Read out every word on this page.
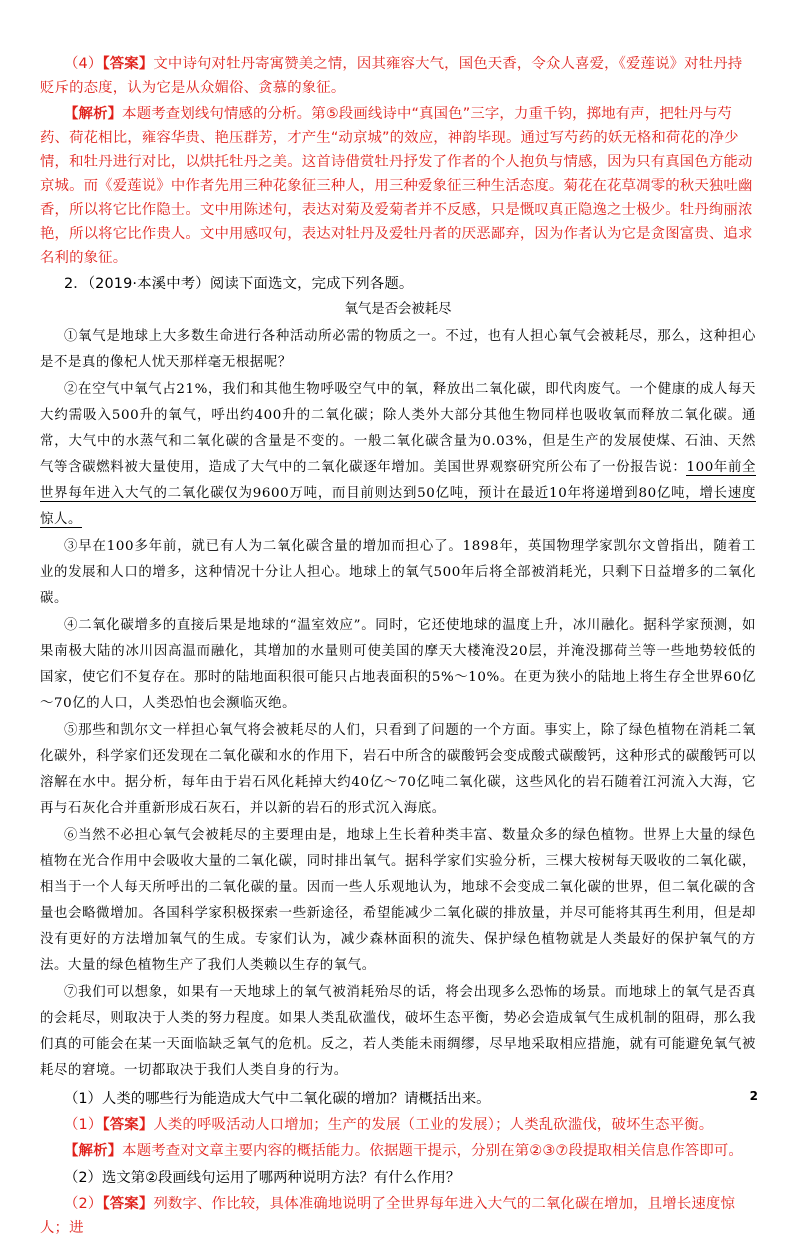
（4）【答案】文中诗句对牡丹寄寓赞美之情，因其雍容大气，国色天香，令众人喜爱，《爱莲说》对牡丹持贬斥的态度，认为它是从众媚俗、贪慕的象征。

【解析】本题考查划线句情感的分析。第⑤段画线诗中“真国色”三字，力重千钧，掷地有声，把牡丹与芍药、荷花相比，雍容华贵、艳压群芳，才产生“动京城”的效应，神韵毕现。通过写芍药的妖无格和荷花的净少情，和牡丹进行对比，以烘托牡丹之美。这首诗借赏牡丹抒发了作者的个人抱负与情感，因为只有真国色方能动京城。而《爱莲说》中作者先用三种花象征三种人，用三种爱象征三种生活态度。菊花在花草凋零的秋天独吐幽香，所以将它比作隐士。文中用陈述句，表达对菊及爱菊者并不反感，只是慨叹真正隐逸之士极少。牡丹绚丽浓艳，所以将它比作贵人。文中用感叹句，表达对牡丹及爱牡丹者的厌恶鄙弃，因为作者认为它是贪图富贵、追求名利的象征。

2．（2019·本溪中考）阅读下面选文，完成下列各题。

氧气是否会被耗尽

①氧气是地球上大多数生命进行各种活动所必需的物质之一。不过，也有人担心氧气会被耗尽，那么，这种担心是不是真的像杞人忧天那样毫无根据呢？

②在空气中氧气占21%，我们和其他生物呼吸空气中的氧，释放出二氧化碳，即代肉废气。一个健康的成人每天大约需吸入500升的氧气，呼出约400升的二氧化碳；除人类外大部分其他生物同样也吸收氧而释放二氧化碳。通常，大气中的水蒸气和二氧化碳的含量是不变的。一般二氧化碳含量为0.03%，但是生产的发展使煤、石油、天然气等含碳燃料被大量使用，造成了大气中的二氧化碳逐年增加。美国世界观察研究所公布了一份报告说：100年前全世界每年进入大气的二氧化碳仅为9600万吨，而目前则达到50亿吨，预计在最近10年将递增到80亿吨，增长速度惊人。

③早在100多年前，就已有人为二氧化碳含量的增加而担心了。1898年，英国物理学家凯尔文曾指出，随着工业的发展和人口的增多，这种情况十分让人担心。地球上的氧气500年后将全部被消耗光，只剩下日益增多的二氧化碳。

④二氧化碳增多的直接后果是地球的“温室效应”。同时，它还使地球的温度上升，冰川融化。据科学家预测，如果南极大陆的冰川因高温而融化，其增加的水量则可使美国的摩天大楼淹没20层，并淹没挪荷兰等一些地势较低的国家，使它们不复存在。那时的陆地面积很可能只占地表面积的5%～10%。在更为狭小的陆地上将生存全世界60亿～70亿的人口，人类恐怕也会濒临灭绝。

⑤那些和凯尔文一样担心氧气将会被耗尽的人们，只看到了问题的一个方面。事实上，除了绿色植物在消耗二氧化碳外，科学家们还发现在二氧化碳和水的作用下，岩石中所含的碳酸钙会变成酸式碳酸钙，这种形式的碳酸钙可以溶解在水中。据分析，每年由于岩石风化耗掉大约40亿～70亿吨二氧化碳，这些风化的岩石随着江河流入大海，它再与石灰化合并重新形成石灰石，并以新的岩石的形式沉入海底。

⑥当然不必担心氧气会被耗尽的主要理由是，地球上生长着种类丰富、数量众多的绿色植物。世界上大量的绿色植物在光合作用中会吸收大量的二氧化碳，同时排出氧气。据科学家们实验分析，三棵大桉树每天吸收的二氧化碳，相当于一个人每天所呼出的二氧化碳的量。因而一些人乐观地认为，地球不会变成二氧化碳的世界，但二氧化碳的含量也会略微增加。各国科学家积极探索一些新途径，希望能减少二氧化碳的排放量，并尽可能将其再生利用，但是却没有更好的方法增加氧气的生成。专家们认为，减少森林面积的流失、保护绿色植物就是人类最好的保护氧气的方法。大量的绿色植物生产了我们人类赖以生存的氧气。

⑦我们可以想象，如果有一天地球上的氧气被消耗殆尽的话，将会出现多么恐怖的场景。而地球上的氧气是否真的会耗尽，则取决于人类的努力程度。如果人类乱砍滥伐，破坏生态平衡，势必会造成氧气生成机制的阻碍，那么我们真的可能会在某一天面临缺乏氧气的危机。反之，若人类能未雨绸缪，尽早地采取相应措施，就有可能避免氧气被耗尽的窘境。一切都取决于我们人类自身的行为。

（1）人类的哪些行为能造成大气中二氧化碳的增加？请概括出来。

（1）【答案】人类的呼吸活动人口增加；生产的发展（工业的发展）；人类乱砍滥伐，破坏生态平衡。

【解析】本题考查对文章主要内容的概括能力。依据题干提示，分别在第②③⑦段提取相关信息作答即可。

（2）选文第②段画线句运用了哪两种说明方法？有什么作用？

（2）【答案】列数字、作比较，具体准确地说明了全世界每年进入大气的二氧化碳在增加，且增长速度惊人；进

2
